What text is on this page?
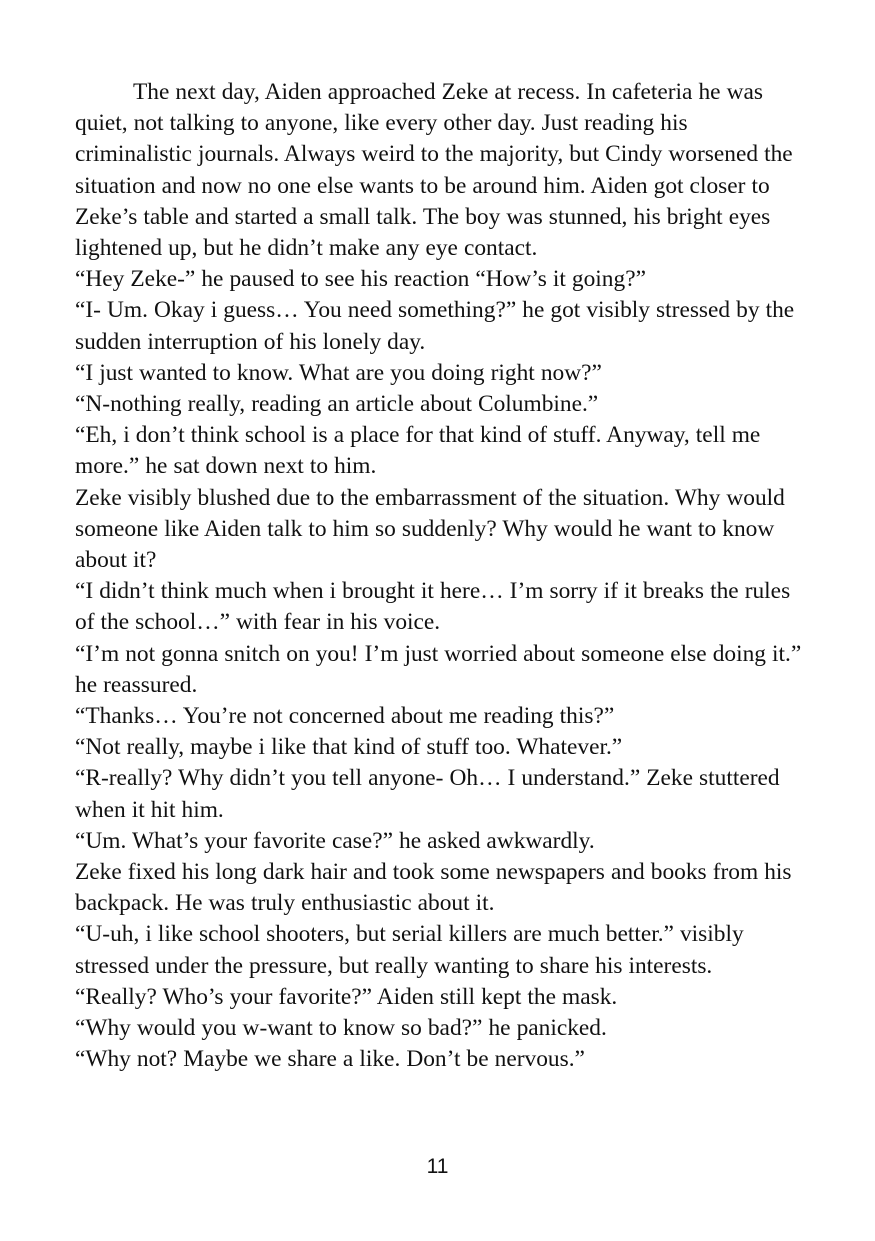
The next day, Aiden approached Zeke at recess. In cafeteria he was quiet, not talking to anyone, like every other day. Just reading his criminalistic journals. Always weird to the majority, but Cindy worsened the situation and now no one else wants to be around him. Aiden got closer to Zeke’s table and started a small talk. The boy was stunned, his bright eyes lightened up, but he didn’t make any eye contact.

“Hey Zeke-” he paused to see his reaction “How’s it going?”

“I- Um. Okay i guess… You need something?” he got visibly stressed by the sudden interruption of his lonely day.

“I just wanted to know. What are you doing right now?”

“N-nothing really, reading an article about Columbine.”

“Eh, i don’t think school is a place for that kind of stuff. Anyway, tell me more.” he sat down next to him.

Zeke visibly blushed due to the embarrassment of the situation. Why would someone like Aiden talk to him so suddenly? Why would he want to know about it?

“I didn’t think much when i brought it here… I’m sorry if it breaks the rules of the school…” with fear in his voice.

“I’m not gonna snitch on you! I’m just worried about someone else doing it.” he reassured.

“Thanks… You’re not concerned about me reading this?”

“Not really, maybe i like that kind of stuff too. Whatever.”

“R-really? Why didn’t you tell anyone- Oh… I understand.” Zeke stuttered when it hit him.

“Um. What’s your favorite case?” he asked awkwardly.

Zeke fixed his long dark hair and took some newspapers and books from his backpack. He was truly enthusiastic about it.

“U-uh, i like school shooters, but serial killers are much better.” visibly stressed under the pressure, but really wanting to share his interests.

“Really? Who’s your favorite?” Aiden still kept the mask.

“Why would you w-want to know so bad?” he panicked.

“Why not? Maybe we share a like. Don’t be nervous.”

11
